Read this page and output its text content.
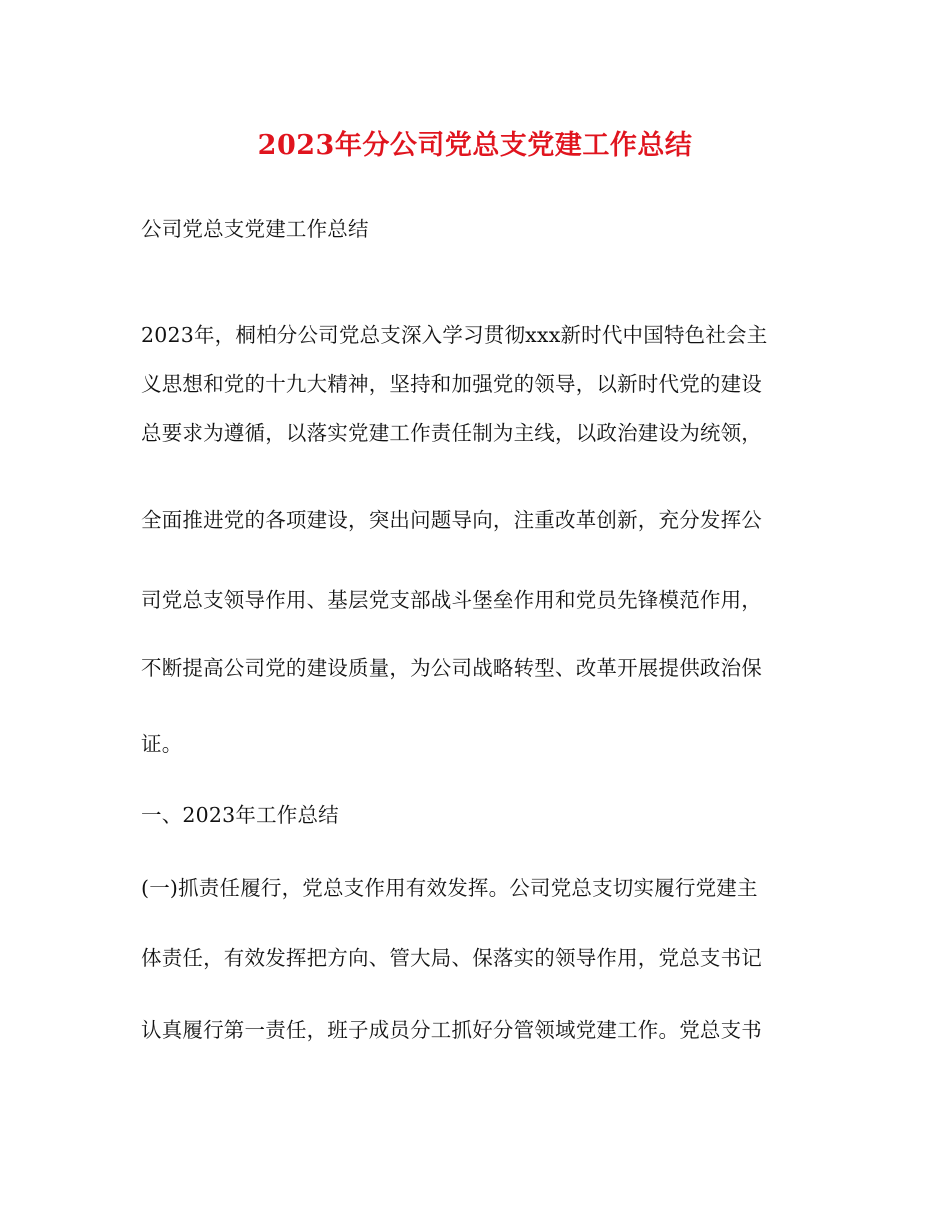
2023年分公司党总支党建工作总结

公司党总支党建工作总结

2023年，桐柏分公司党总支深入学习贯彻xxx新时代中国特色社会主

义思想和党的十九大精神，坚持和加强党的领导，以新时代党的建设

总要求为遵循，以落实党建工作责任制为主线，以政治建设为统领，

全面推进党的各项建设，突出问题导向，注重改革创新，充分发挥公

司党总支领导作用、基层党支部战斗堡垒作用和党员先锋模范作用，

不断提高公司党的建设质量，为公司战略转型、改革开展提供政治保

证。

一、2023年工作总结

(一)抓责任履行，党总支作用有效发挥。公司党总支切实履行党建主

体责任，有效发挥把方向、管大局、保落实的领导作用，党总支书记

认真履行第一责任，班子成员分工抓好分管领域党建工作。党总支书
